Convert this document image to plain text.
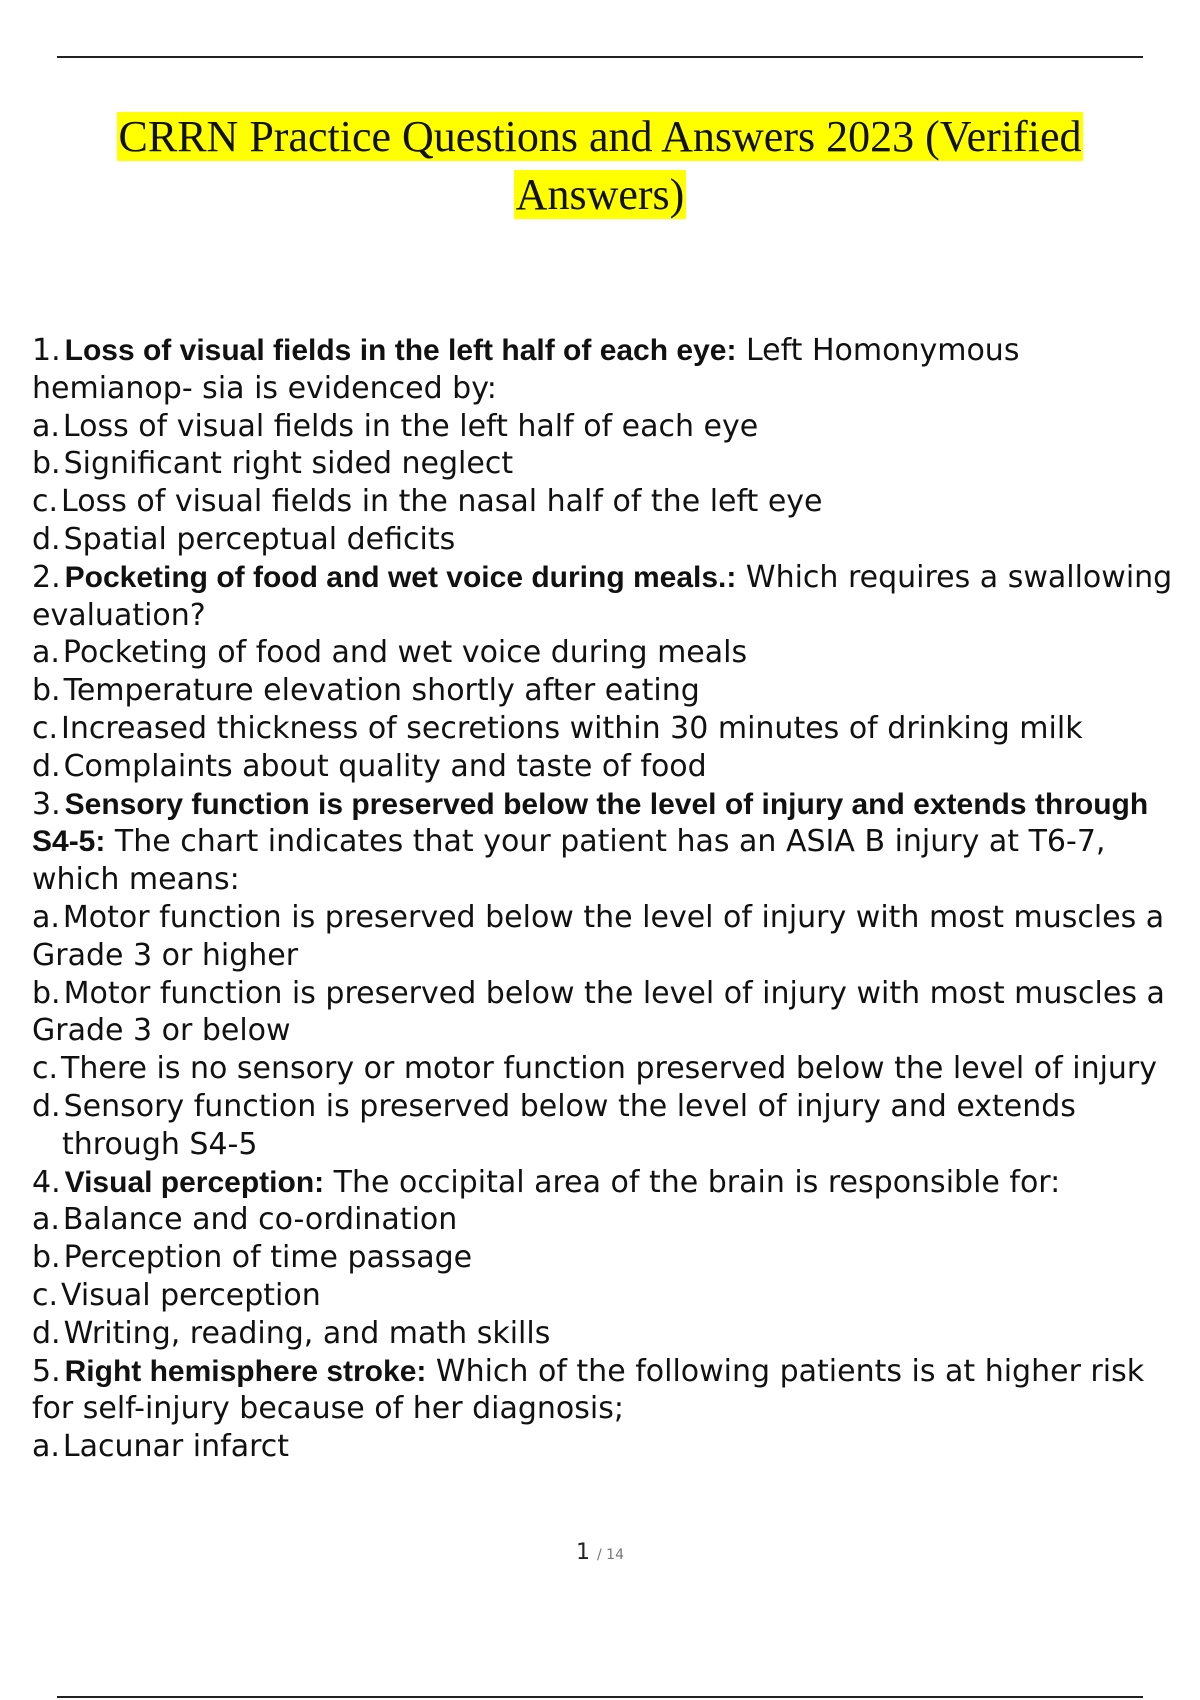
CRRN Practice Questions and Answers 2023 (Verified Answers)

1. Loss of visual fields in the left half of each eye: Left Homonymous hemianop- sia is evidenced by:

a. Loss of visual fields in the left half of each eye

b. Significant right sided neglect

c. Loss of visual fields in the nasal half of the left eye

d. Spatial perceptual deficits

2. Pocketing of food and wet voice during meals.: Which requires a swallowing evaluation?

a. Pocketing of food and wet voice during meals

b. Temperature elevation shortly after eating

c. Increased thickness of secretions within 30 minutes of drinking milk

d. Complaints about quality and taste of food

3. Sensory function is preserved below the level of injury and extends through S4-5: The chart indicates that your patient has an ASIA B injury at T6-7, which means:

a. Motor function is preserved below the level of injury with most muscles a Grade 3 or higher

b. Motor function is preserved below the level of injury with most muscles a Grade 3 or below

c. There is no sensory or motor function preserved below the level of injury

d. Sensory function is preserved below the level of injury and extends through S4-5

4. Visual perception: The occipital area of the brain is responsible for:

a. Balance and co-ordination

b. Perception of time passage

c. Visual perception

d. Writing, reading, and math skills

5. Right hemisphere stroke: Which of the following patients is at higher risk for self-injury because of her diagnosis;

a. Lacunar infarct

1 / 14
